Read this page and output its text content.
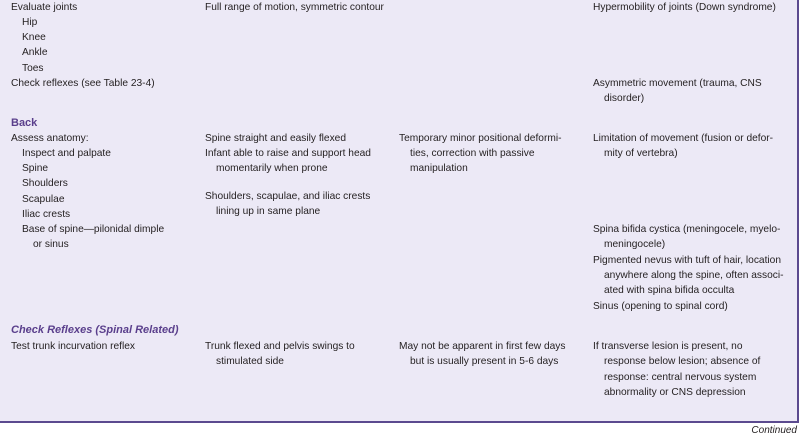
Evaluate joints
Hip
Knee
Ankle
Toes
Check reflexes (see Table 23-4)
Full range of motion, symmetric contour	Hypermobility of joints (Down syndrome)
Asymmetric movement (trauma, CNS
disorder)
Back
Assess anatomy:
Inspect and palpate
Spine
Shoulders
Scapulae
Iliac crests
Base of spine—pilonidal dimple
or sinus
Spine straight and easily flexed
Infant able to raise and support head
momentarily when prone
Shoulders, scapulae, and iliac crests
lining up in same plane
Temporary minor positional deformi-
ties, correction with passive
manipulation
Limitation of movement (fusion or defor-
mity of vertebra)
Spina bifida cystica (meningocele, myelo-
meningocele)
Pigmented nevus with tuft of hair, location
anywhere along the spine, often associ-
ated with spina bifida occulta
Sinus (opening to spinal cord)
Check Reflexes (Spinal Related)
Test trunk incurvation reflex	Trunk flexed and pelvis swings to
stimulated side
May not be apparent in first few days
but is usually present in 5-6 days
If transverse lesion is present, no
response below lesion; absence of
response: central nervous system
abnormality or CNS depression
Continued
